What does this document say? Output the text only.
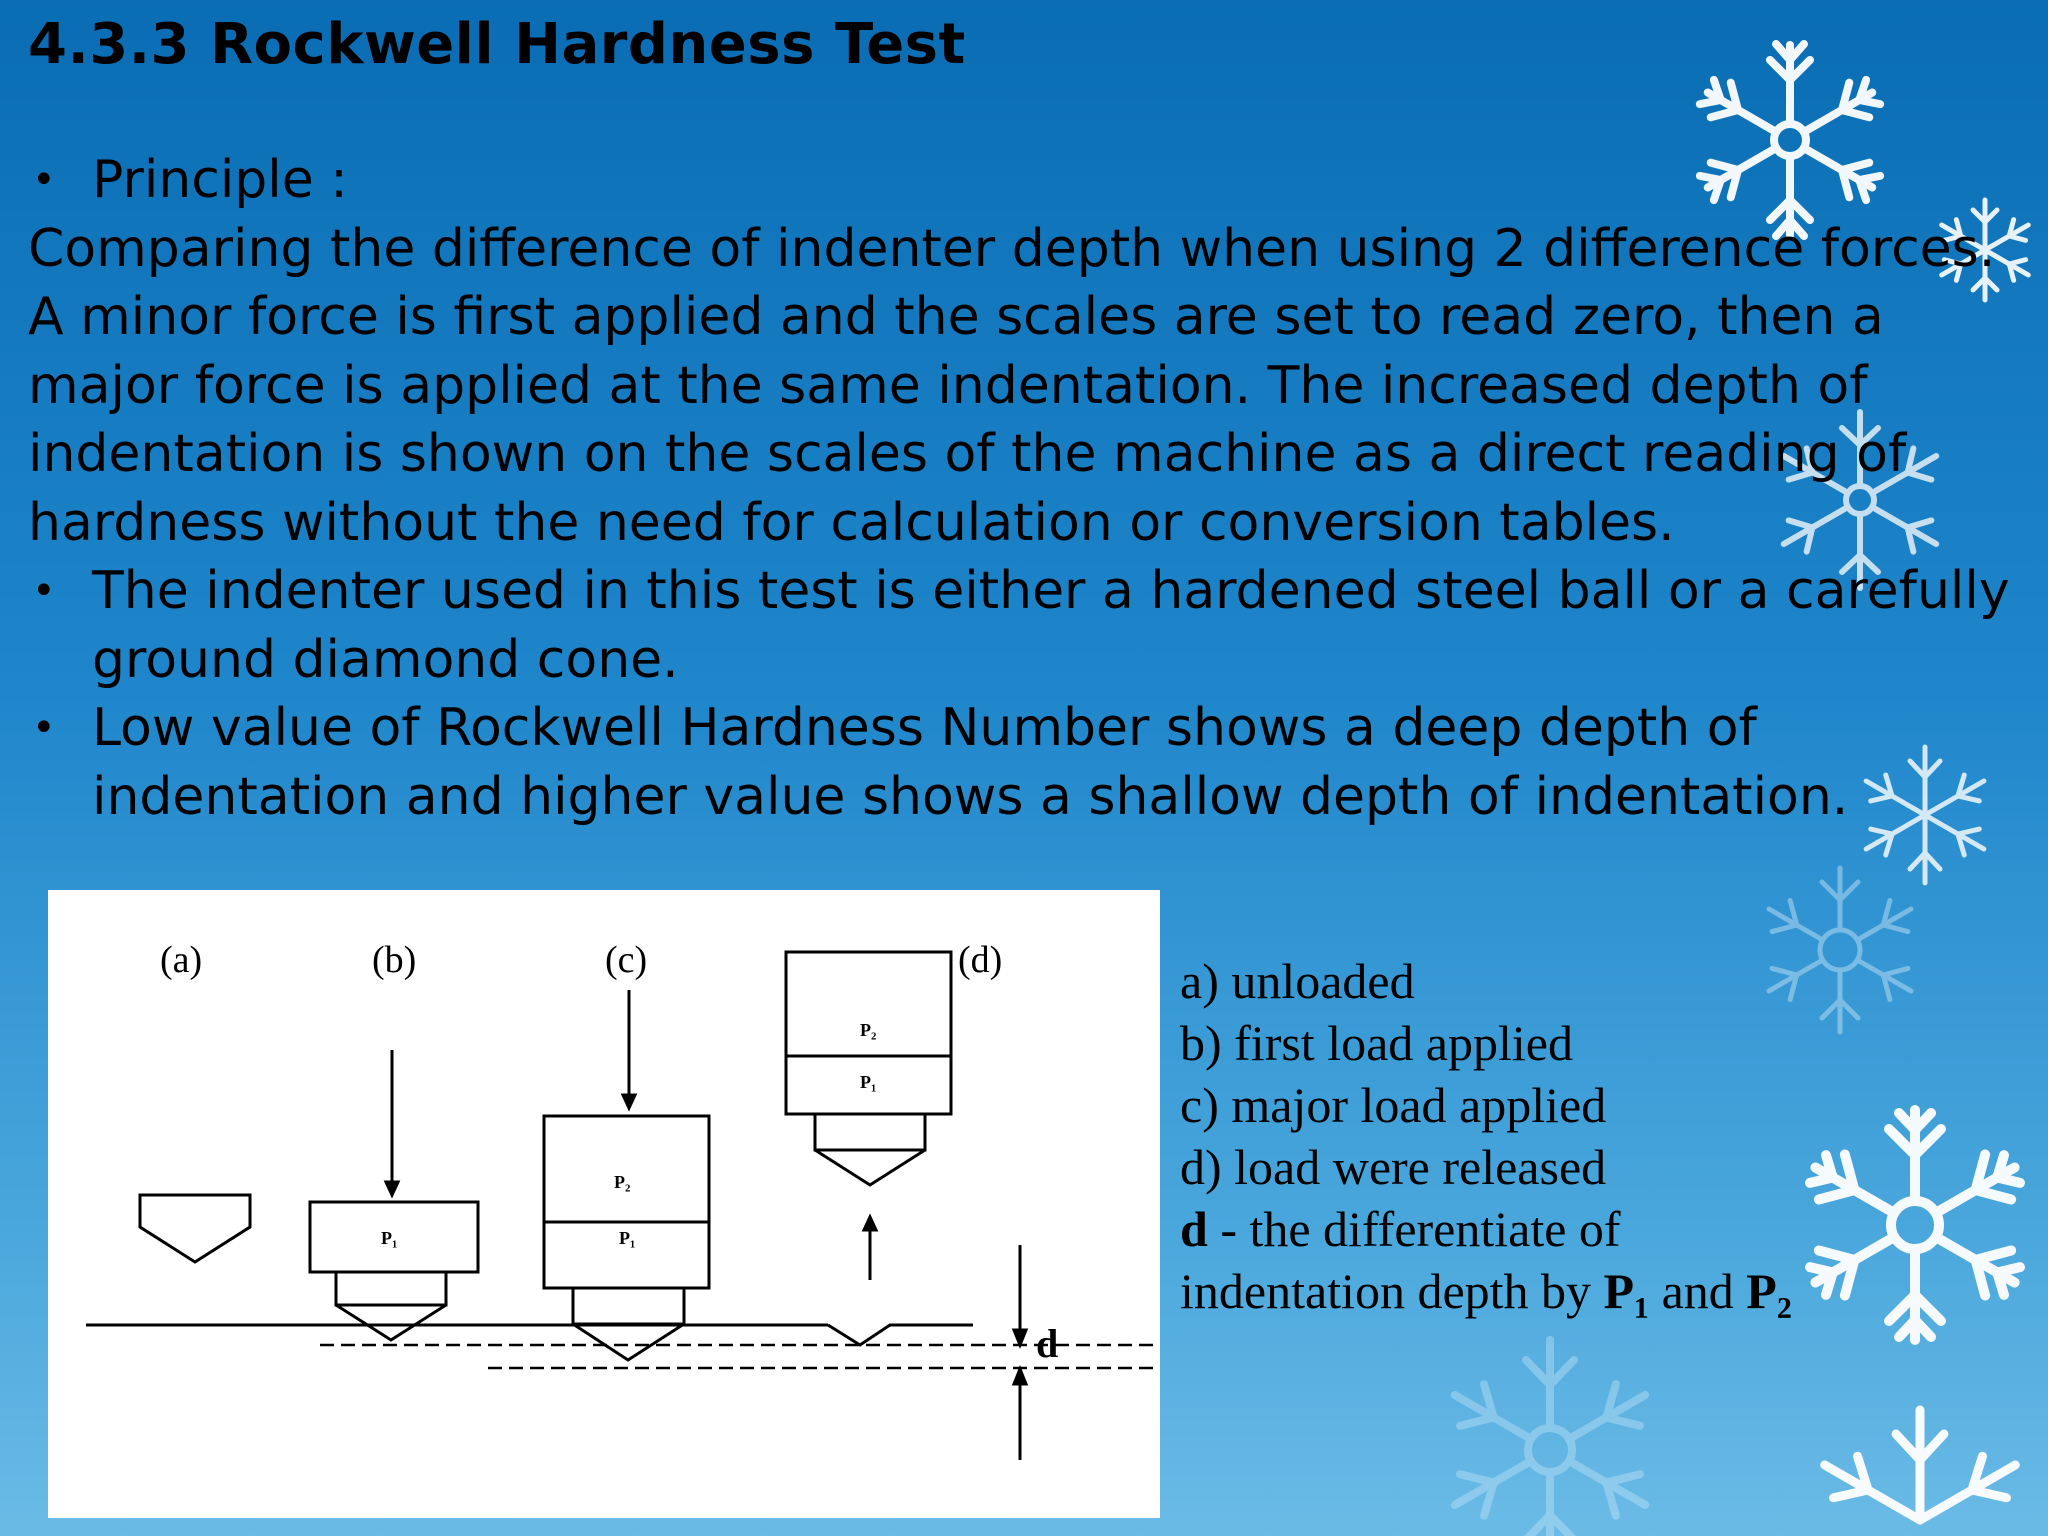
4.3.3 Rockwell Hardness Test
• Principle :

Comparing the difference of indenter depth when using 2 difference forces. A minor force is first applied and the scales are set to read zero, then a major force is applied at the same indentation. The increased depth of indentation is shown on the scales of the machine as a direct reading of hardness without the need for calculation or conversion tables.

• The indenter used in this test is either a hardened steel ball or a carefully ground diamond cone.
• Low value of Rockwell Hardness Number shows a deep depth of indentation and higher value shows a shallow depth of indentation.
(a)	(b)	(c)	(d)
P₁
P₂
P₁
P₂
P₁
d
a) unloaded
b) first load applied
c) major load applied
d) load were released
d - the differentiate of
indentation depth by P₁ and P₂
